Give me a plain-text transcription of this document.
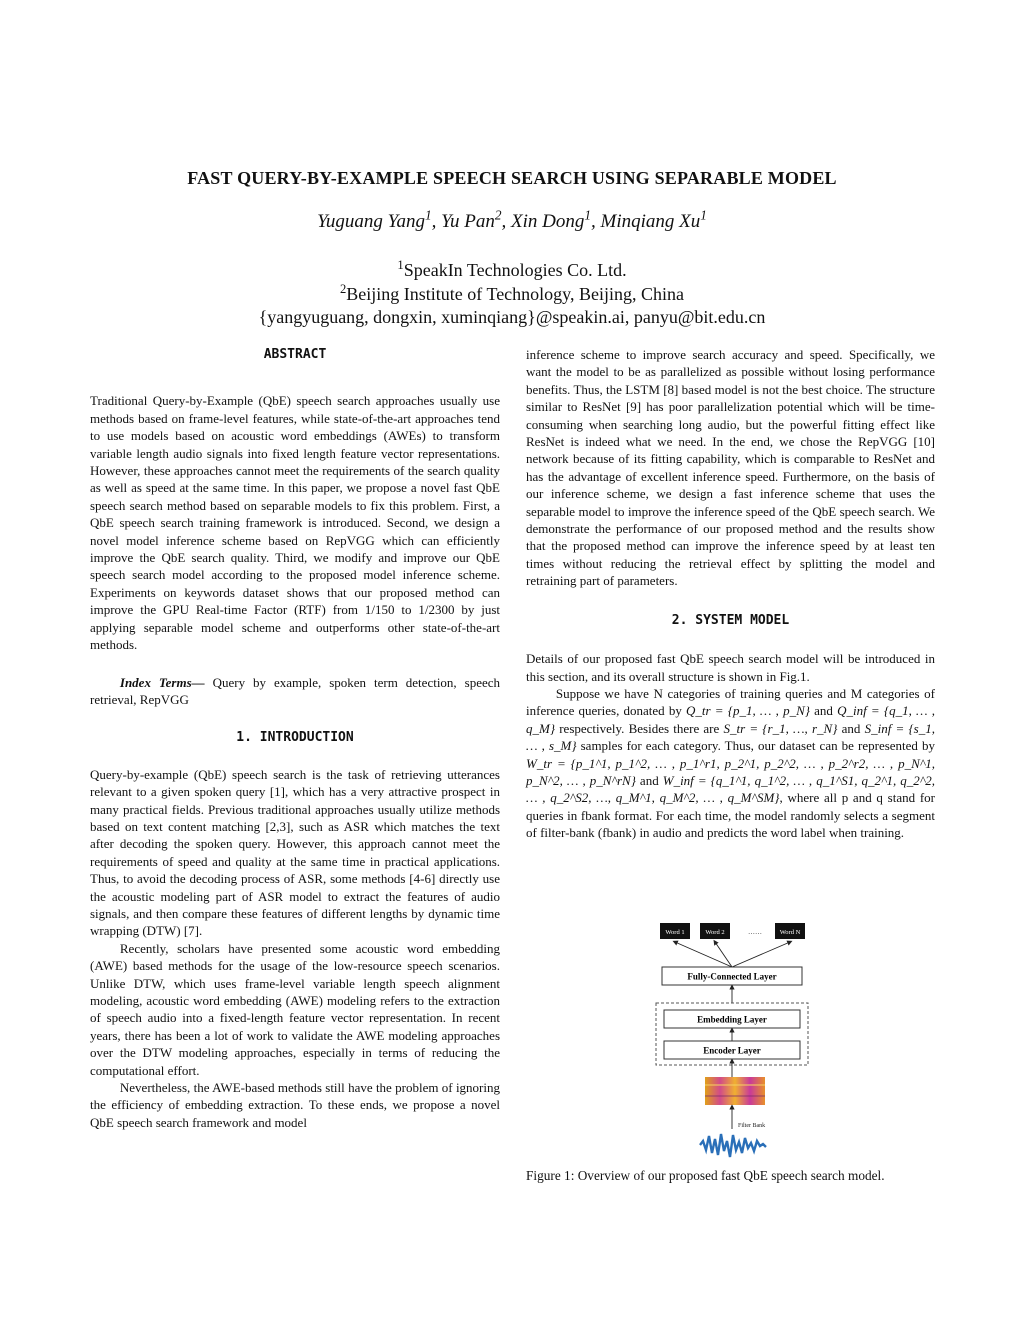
FAST QUERY-BY-EXAMPLE SPEECH SEARCH USING SEPARABLE MODEL
Yuguang Yang$^1$, Yu Pan$^2$, Xin Dong$^1$, Minqiang Xu$^1$
$^1$SpeakIn Technologies Co. Ltd.
$^2$Beijing Institute of Technology, Beijing, China
{yangyuguang, dongxin, xuminqiang}@speakin.ai, panyu@bit.edu.cn

ABSTRACT

Traditional Query-by-Example (QbE) speech search approaches usually use methods based on frame-level features, while state-of-the-art approaches tend to use models based on acoustic word embeddings (AWEs) to transform variable length audio signals into fixed length feature vector representations. However, these approaches cannot meet the requirements of the search quality as well as speed at the same time. In this paper, we propose a novel fast QbE speech search method based on separable models to fix this problem. First, a QbE speech search training framework is introduced. Second, we design a novel model inference scheme based on RepVGG which can efficiently improve the QbE search quality. Third, we modify and improve our QbE speech search model according to the proposed model inference scheme. Experiments on keywords dataset shows that our proposed method can improve the GPU Real-time Factor (RTF) from 1/150 to 1/2300 by just applying separable model scheme and outperforms other state-of-the-art methods.

Index Terms— Query by example, spoken term detection, speech retrieval, RepVGG

1. INTRODUCTION

Query-by-example (QbE) speech search is the task of retrieving utterances relevant to a given spoken query [1], which has a very attractive prospect in many practical fields. Previous traditional approaches usually utilize methods based on text content matching [2,3], such as ASR which matches the text after decoding the spoken query. However, this approach cannot meet the requirements of speed and quality at the same time in practical applications. Thus, to avoid the decoding process of ASR, some methods [4-6] directly use the acoustic modeling part of ASR model to extract the features of audio signals, and then compare these features of different lengths by dynamic time wrapping (DTW) [7].

Recently, scholars have presented some acoustic word embedding (AWE) based methods for the usage of the low-resource speech scenarios. Unlike DTW, which uses frame-level variable length speech alignment modeling, acoustic word embedding (AWE) modeling refers to the extraction of speech audio into a fixed-length feature vector representation. In recent years, there has been a lot of work to validate the AWE modeling approaches over the DTW modeling approaches, especially in terms of reducing the computational effort.

Nevertheless, the AWE-based methods still have the problem of ignoring the efficiency of embedding extraction. To these ends, we propose a novel QbE speech search framework and model

inference scheme to improve search accuracy and speed. Specifically, we want the model to be as parallelized as possible without losing performance benefits. Thus, the LSTM [8] based model is not the best choice. The structure similar to ResNet [9] has poor parallelization potential which will be time-consuming when searching long audio, but the powerful fitting effect like ResNet is indeed what we need. In the end, we chose the RepVGG [10] network because of its fitting capability, which is comparable to ResNet and has the advantage of excellent inference speed. Furthermore, on the basis of our inference scheme, we design a fast inference scheme that uses the separable model to improve the inference speed of the QbE speech search. We demonstrate the performance of our proposed method and the results show that the proposed method can improve the inference speed by at least ten times without reducing the retrieval effect by splitting the model and retraining part of parameters.

2. SYSTEM MODEL

Details of our proposed fast QbE speech search model will be introduced in this section, and its overall structure is shown in Fig.1.

Suppose we have N categories of training queries and M categories of inference queries, donated by Q_tr = {p_1, … , p_N} and Q_inf = {q_1, … , q_M} respectively. Besides there are S_tr = {r_1, …, r_N} and S_inf = {s_1, … , s_M} samples for each category. Thus, our dataset can be represented by W_tr = {p_1^1, p_1^2, … , p_1^r1, p_2^1, p_2^2, … , p_2^r2, … , p_N^1, p_N^2, … , p_N^rN} and W_inf = {q_1^1, q_1^2, … , q_1^S1, q_2^1, q_2^2, … , q_2^S2, …, q_M^1, q_M^2, … , q_M^SM}, where all p and q stand for queries in fbank format. For each time, the model randomly selects a segment of filter-bank (fbank) in audio and predicts the word label when training.

Word 1	Word 2	……	Word N
Fully-Connected Layer
Embedding Layer
Encoder Layer
Filter Bank
Figure 1: Overview of our proposed fast QbE speech search model.
